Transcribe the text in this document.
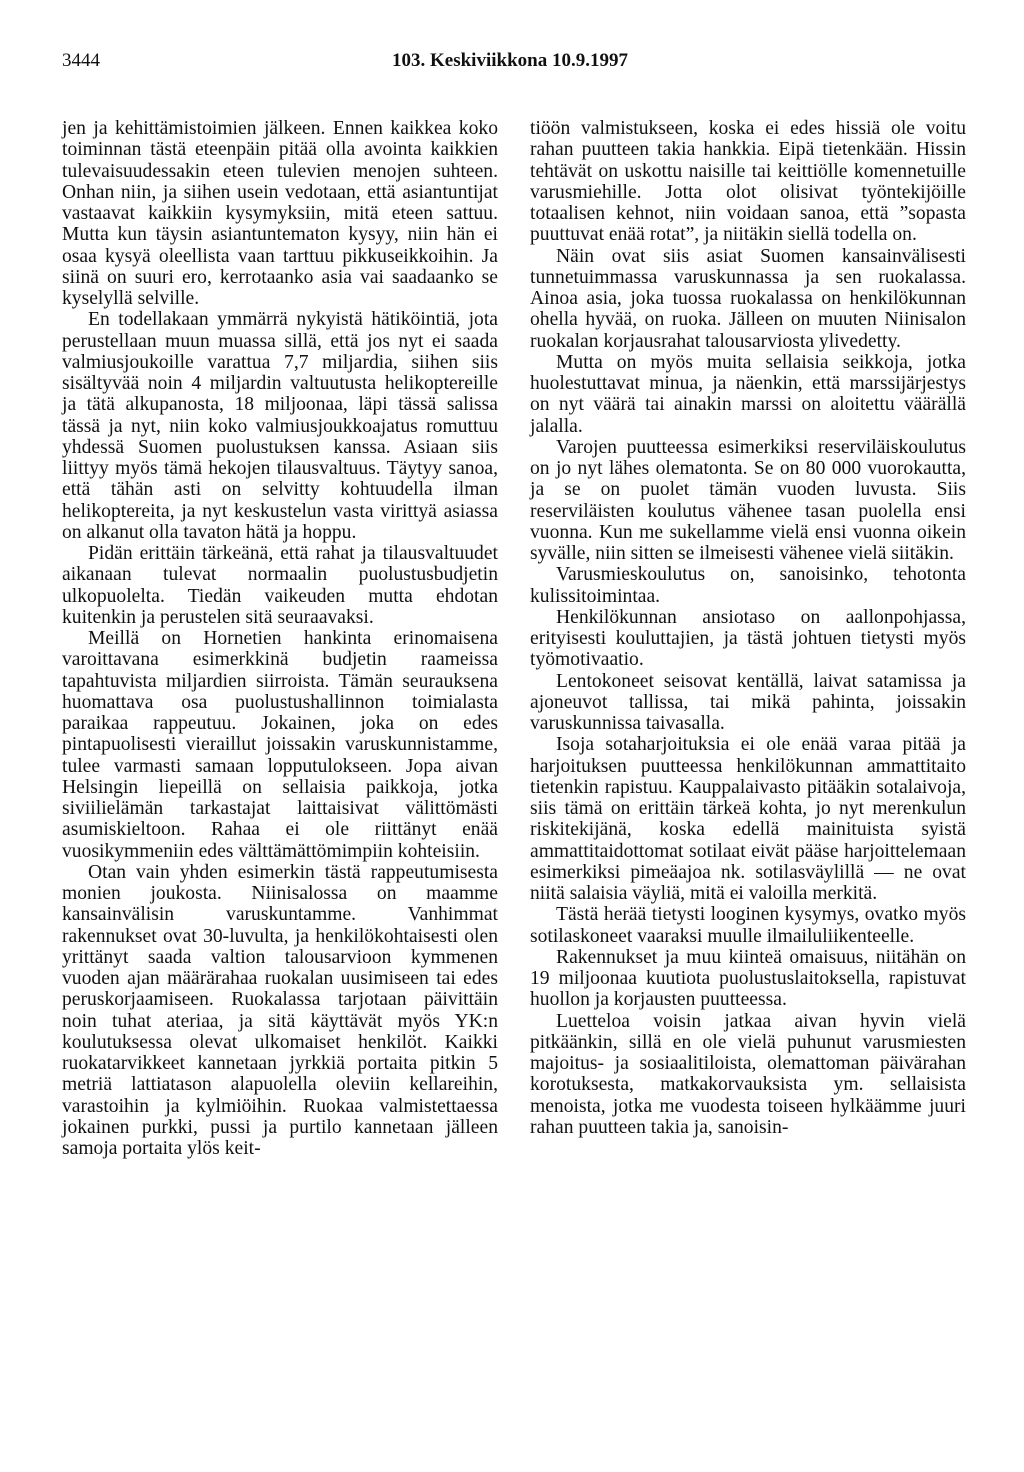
3444	103. Keskiviikkona 10.9.1997

jen ja kehittämistoimien jälkeen. Ennen kaikkea koko toiminnan tästä eteenpäin pitää olla avointa kaikkien tulevaisuudessakin eteen tulevien menojen suhteen. Onhan niin, ja siihen usein vedotaan, että asiantuntijat vastaavat kaikkiin kysymyksiin, mitä eteen sattuu. Mutta kun täysin asiantuntematon kysyy, niin hän ei osaa kysyä oleellista vaan tarttuu pikkuseikkoihin. Ja siinä on suuri ero, kerrotaanko asia vai saadaanko se kyselyllä selville.

En todellakaan ymmärrä nykyistä hätiköintiä, jota perustellaan muun muassa sillä, että jos nyt ei saada valmiusjoukoille varattua 7,7 miljardia, siihen siis sisältyvää noin 4 miljardin valtuutusta helikoptereille ja tätä alkupanosta, 18 miljoonaa, läpi tässä salissa tässä ja nyt, niin koko valmiusjoukkoajatus romuttuu yhdessä Suomen puolustuksen kanssa. Asiaan siis liittyy myös tämä hekojen tilausvaltuus. Täytyy sanoa, että tähän asti on selvitty kohtuudella ilman helikoptereita, ja nyt keskustelun vasta virittyä asiassa on alkanut olla tavaton hätä ja hoppu.

Pidän erittäin tärkeänä, että rahat ja tilausvaltuudet aikanaan tulevat normaalin puolustusbudjetin ulkopuolelta. Tiedän vaikeuden mutta ehdotan kuitenkin ja perustelen sitä seuraavaksi.

Meillä on Hornetien hankinta erinomaisena varoittavana esimerkkinä budjetin raameissa tapahtuvista miljardien siirroista. Tämän seurauksena huomattava osa puolustushallinnon toimialasta paraikaa rappeutuu. Jokainen, joka on edes pintapuolisesti vieraillut joissakin varuskunnistamme, tulee varmasti samaan lopputulokseen. Jopa aivan Helsingin liepeillä on sellaisia paikkoja, jotka siviilielämän tarkastajat laittaisivat välittömästi asumiskieltoon. Rahaa ei ole riittänyt enää vuosikymmeniin edes välttämättömimpiin kohteisiin.

Otan vain yhden esimerkin tästä rappeutumisesta monien joukosta. Niinisalossa on maamme kansainvälisin varuskuntamme. Vanhimmat rakennukset ovat 30-luvulta, ja henkilökohtaisesti olen yrittänyt saada valtion talousarvioon kymmenen vuoden ajan määrärahaa ruokalan uusimiseen tai edes peruskorjaamiseen. Ruokalassa tarjotaan päivittäin noin tuhat ateriaa, ja sitä käyttävät myös YK:n koulutuksessa olevat ulkomaiset henkilöt. Kaikki ruokatarvikkeet kannetaan jyrkkiä portaita pitkin 5 metriä lattiatason alapuolella oleviin kellareihin, varastoihin ja kylmiöihin. Ruokaa valmistettaessa jokainen purkki, pussi ja purtilo kannetaan jälleen samoja portaita ylös keit-

tiöön valmistukseen, koska ei edes hissiä ole voitu rahan puutteen takia hankkia. Eipä tietenkään. Hissin tehtävät on uskottu naisille tai keittiölle komennetuille varusmiehille. Jotta olot olisivat työntekijöille totaalisen kehnot, niin voidaan sanoa, että ”sopasta puuttuvat enää rotat”, ja niitäkin siellä todella on.

Näin ovat siis asiat Suomen kansainvälisesti tunnetuimmassa varuskunnassa ja sen ruokalassa. Ainoa asia, joka tuossa ruokalassa on henkilökunnan ohella hyvää, on ruoka. Jälleen on muuten Niinisalon ruokalan korjausrahat talousarviosta ylivedetty.

Mutta on myös muita sellaisia seikkoja, jotka huolestuttavat minua, ja näenkin, että marssijärjestys on nyt väärä tai ainakin marssi on aloitettu väärällä jalalla.

Varojen puutteessa esimerkiksi reserviläiskoulutus on jo nyt lähes olematonta. Se on 80 000 vuorokautta, ja se on puolet tämän vuoden luvusta. Siis reserviläisten koulutus vähenee tasan puolella ensi vuonna. Kun me sukellamme vielä ensi vuonna oikein syvälle, niin sitten se ilmeisesti vähenee vielä siitäkin.

Varusmieskoulutus on, sanoisinko, tehotonta kulissitoimintaa.

Henkilökunnan ansiotaso on aallonpohjassa, erityisesti kouluttajien, ja tästä johtuen tietysti myös työmotivaatio.

Lentokoneet seisovat kentällä, laivat satamissa ja ajoneuvot tallissa, tai mikä pahinta, joissakin varuskunnissa taivasalla.

Isoja sotaharjoituksia ei ole enää varaa pitää ja harjoituksen puutteessa henkilökunnan ammattitaito tietenkin rapistuu. Kauppalaivasto pitääkin sotalaivoja, siis tämä on erittäin tärkeä kohta, jo nyt merenkulun riskitekijänä, koska edellä mainituista syistä ammattitaidottomat sotilaat eivät pääse harjoittelemaan esimerkiksi pimeäajoa nk. sotilasväylillä — ne ovat niitä salaisia väyliä, mitä ei valoilla merkitä.

Tästä herää tietysti looginen kysymys, ovatko myös sotilaskoneet vaaraksi muulle ilmailuliikenteelle.

Rakennukset ja muu kiinteä omaisuus, niitähän on 19 miljoonaa kuutiota puolustuslaitoksella, rapistuvat huollon ja korjausten puutteessa.

Luetteloa voisin jatkaa aivan hyvin vielä pitkäänkin, sillä en ole vielä puhunut varusmiesten majoitus- ja sosiaalitiloista, olemattoman päivärahan korotuksesta, matkakorvauksista ym. sellaisista menoista, jotka me vuodesta toiseen hylkäämme juuri rahan puutteen takia ja, sanoisin-
